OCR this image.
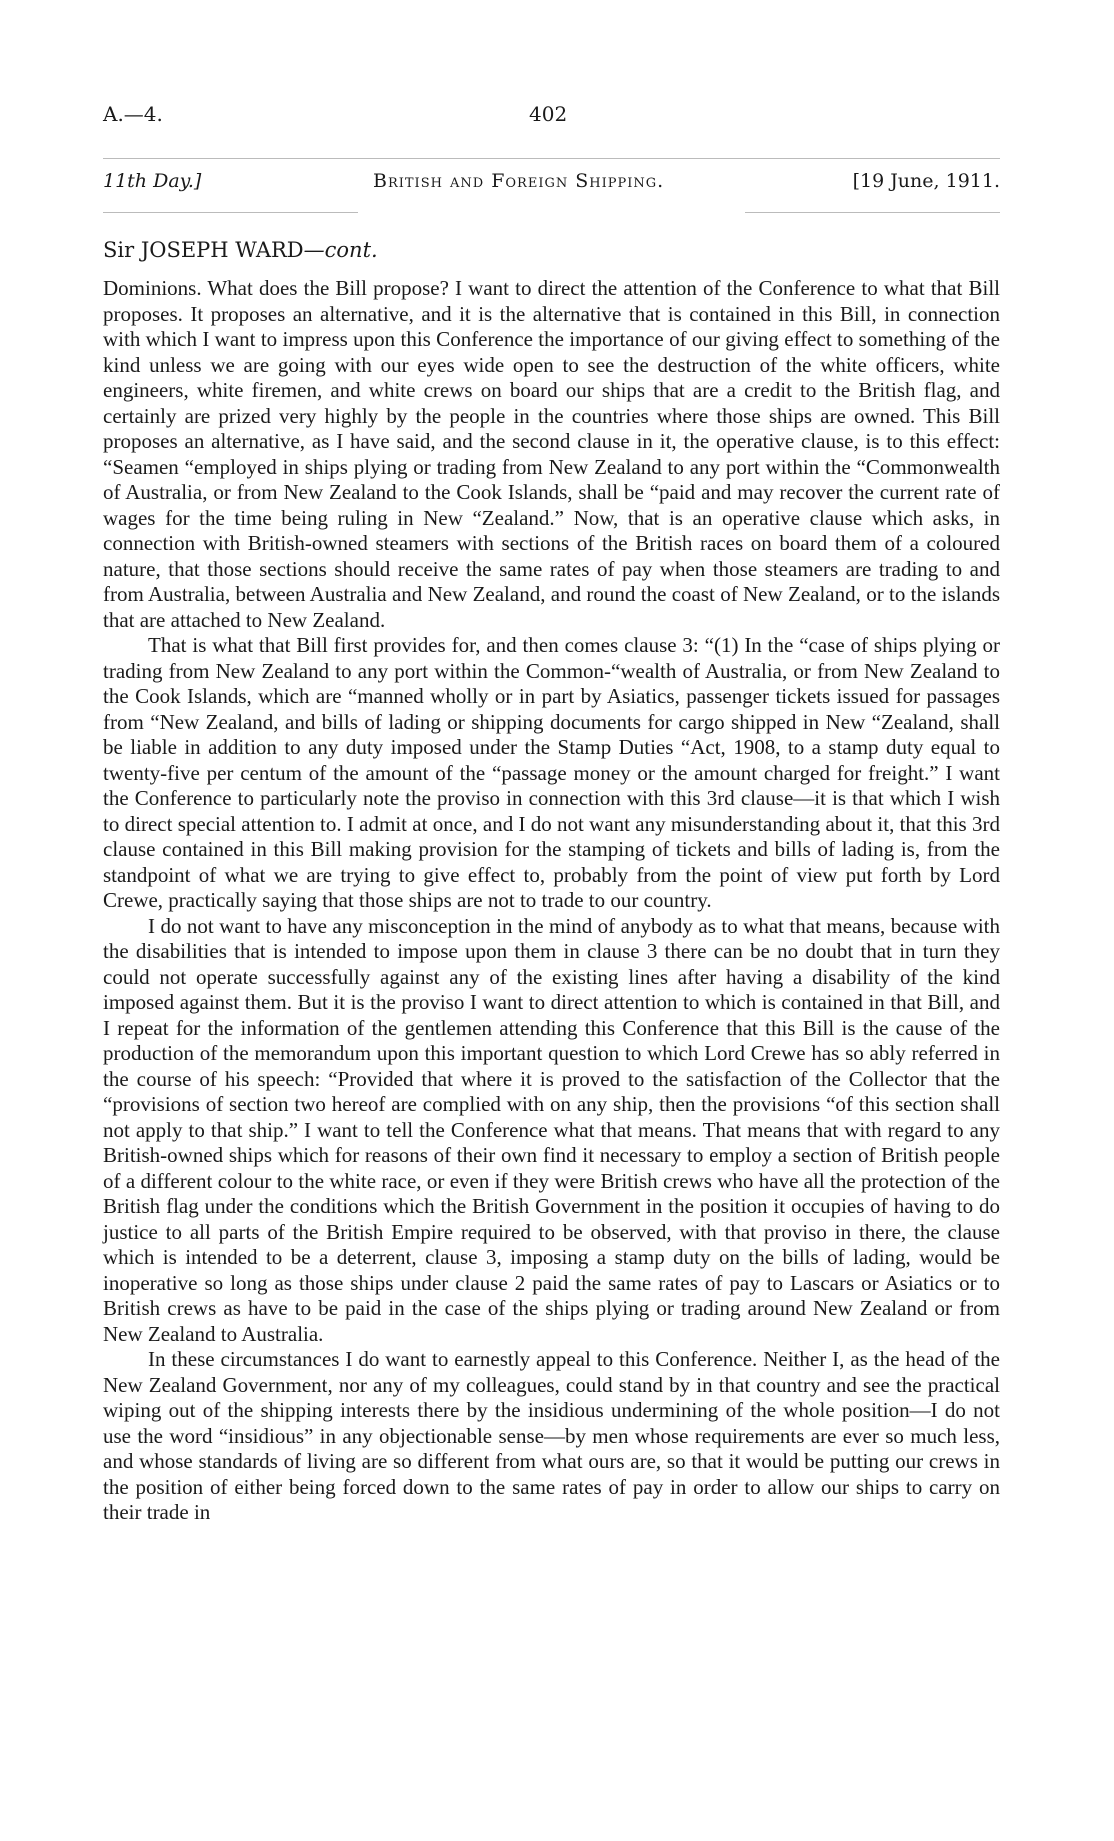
A.—4.	402
11th Day.]	British and Foreign Shipping.	[19 June, 1911.
Sir JOSEPH WARD—cont.

Dominions. What does the Bill propose? I want to direct the attention of the Conference to what that Bill proposes. It proposes an alternative, and it is the alternative that is contained in this Bill, in connection with which I want to impress upon this Conference the importance of our giving effect to something of the kind unless we are going with our eyes wide open to see the destruction of the white officers, white engineers, white firemen, and white crews on board our ships that are a credit to the British flag, and certainly are prized very highly by the people in the countries where those ships are owned. This Bill proposes an alternative, as I have said, and the second clause in it, the operative clause, is to this effect: “Seamen “employed in ships plying or trading from New Zealand to any port within the “Commonwealth of Australia, or from New Zealand to the Cook Islands, shall be “paid and may recover the current rate of wages for the time being ruling in New “Zealand.” Now, that is an operative clause which asks, in connection with British-owned steamers with sections of the British races on board them of a coloured nature, that those sections should receive the same rates of pay when those steamers are trading to and from Australia, between Australia and New Zealand, and round the coast of New Zealand, or to the islands that are attached to New Zealand.

That is what that Bill first provides for, and then comes clause 3: “(1) In the “case of ships plying or trading from New Zealand to any port within the Common-“wealth of Australia, or from New Zealand to the Cook Islands, which are “manned wholly or in part by Asiatics, passenger tickets issued for passages from “New Zealand, and bills of lading or shipping documents for cargo shipped in New “Zealand, shall be liable in addition to any duty imposed under the Stamp Duties “Act, 1908, to a stamp duty equal to twenty-five per centum of the amount of the “passage money or the amount charged for freight.” I want the Conference to particularly note the proviso in connection with this 3rd clause—it is that which I wish to direct special attention to. I admit at once, and I do not want any misunderstanding about it, that this 3rd clause contained in this Bill making provision for the stamping of tickets and bills of lading is, from the standpoint of what we are trying to give effect to, probably from the point of view put forth by Lord Crewe, practically saying that those ships are not to trade to our country.

I do not want to have any misconception in the mind of anybody as to what that means, because with the disabilities that is intended to impose upon them in clause 3 there can be no doubt that in turn they could not operate successfully against any of the existing lines after having a disability of the kind imposed against them. But it is the proviso I want to direct attention to which is contained in that Bill, and I repeat for the information of the gentlemen attending this Conference that this Bill is the cause of the production of the memorandum upon this important question to which Lord Crewe has so ably referred in the course of his speech: “Provided that where it is proved to the satisfaction of the Collector that the “provisions of section two hereof are complied with on any ship, then the provisions “of this section shall not apply to that ship.” I want to tell the Conference what that means. That means that with regard to any British-owned ships which for reasons of their own find it necessary to employ a section of British people of a different colour to the white race, or even if they were British crews who have all the protection of the British flag under the conditions which the British Government in the position it occupies of having to do justice to all parts of the British Empire required to be observed, with that proviso in there, the clause which is intended to be a deterrent, clause 3, imposing a stamp duty on the bills of lading, would be inoperative so long as those ships under clause 2 paid the same rates of pay to Lascars or Asiatics or to British crews as have to be paid in the case of the ships plying or trading around New Zealand or from New Zealand to Australia.

In these circumstances I do want to earnestly appeal to this Conference. Neither I, as the head of the New Zealand Government, nor any of my colleagues, could stand by in that country and see the practical wiping out of the shipping interests there by the insidious undermining of the whole position—I do not use the word “insidious” in any objectionable sense—by men whose requirements are ever so much less, and whose standards of living are so different from what ours are, so that it would be putting our crews in the position of either being forced down to the same rates of pay in order to allow our ships to carry on their trade in
